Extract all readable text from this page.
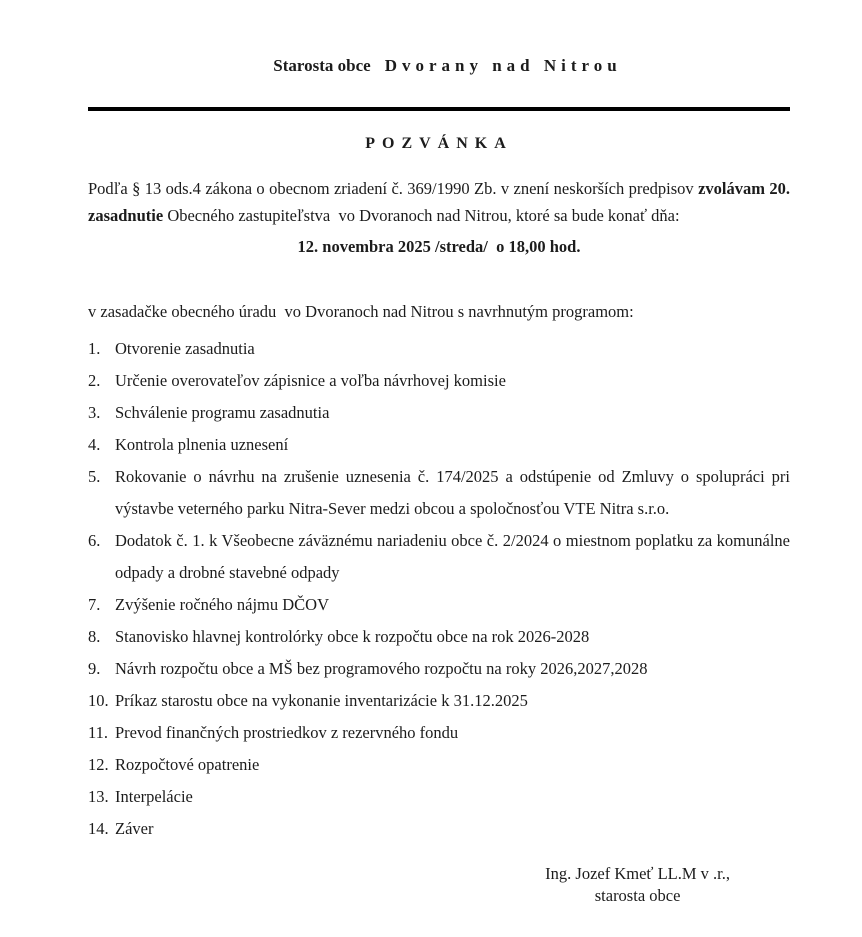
Starosta obce Dvorany nad Nitrou

POZVÁNKA

Podľa § 13 ods.4 zákona o obecnom zriadení č. 369/1990 Zb. v znení neskorších predpisov zvolávam 20. zasadnutie Obecného zastupiteľstva  vo Dvoranoch nad Nitrou, ktoré sa bude konať dňa:

12. novembra 2025 /streda/  o 18,00 hod.
v zasadačke obecného úradu  vo Dvoranoch nad Nitrou s navrhnutým programom:
1. Otvorenie zasadnutia
2. Určenie overovateľov zápisnice a voľba návrhovej komisie
3. Schválenie programu zasadnutia
4. Kontrola plnenia uznesení
5. Rokovanie o návrhu na zrušenie uznesenia č. 174/2025 a odstúpenie od Zmluvy o spolupráci pri výstavbe veterného parku Nitra-Sever medzi obcou a spoločnosťou VTE Nitra s.r.o.
6. Dodatok č. 1. k Všeobecne záväznému nariadeniu obce č. 2/2024 o miestnom poplatku za komunálne odpady a drobné stavebné odpady
7. Zvýšenie ročného nájmu DČOV
8. Stanovisko hlavnej kontrolórky obce k rozpočtu obce na rok 2026-2028
9. Návrh rozpočtu obce a MŠ bez programového rozpočtu na roky 2026,2027,2028
10. Príkaz starostu obce na vykonanie inventarizácie k 31.12.2025
11. Prevod finančných prostriedkov z rezervného fondu
12. Rozpočtové opatrenie
13. Interpelácie
14. Záver
Ing. Jozef Kmeť LL.M v .r.,
starosta obce
